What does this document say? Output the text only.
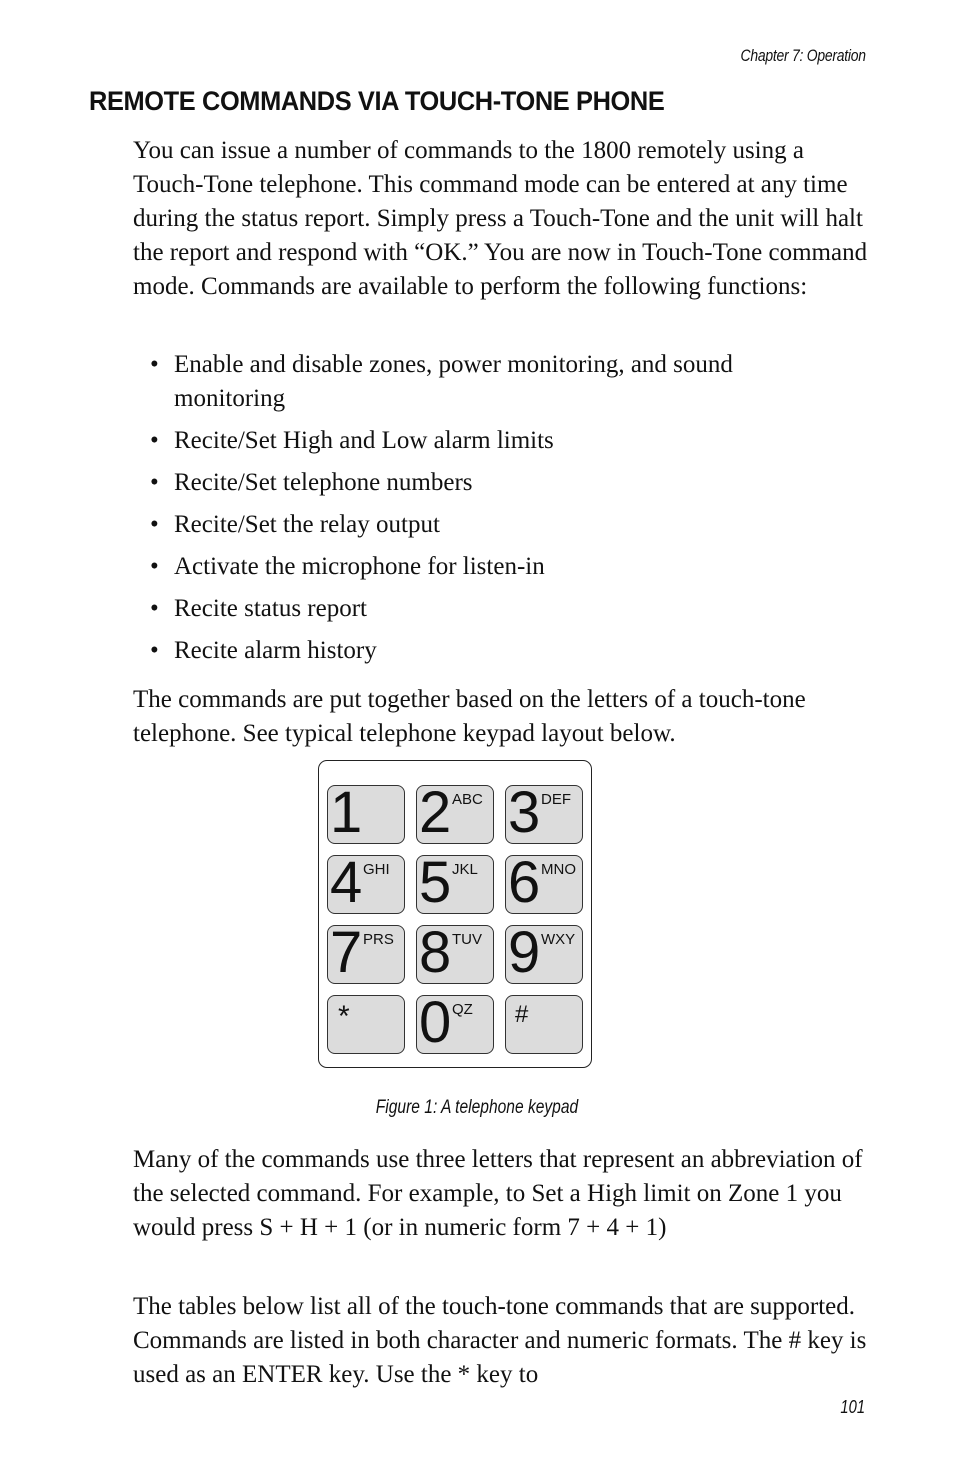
Chapter 7: Operation
REMOTE COMMANDS VIA TOUCH-TONE PHONE

You can issue a number of commands to the 1800 remotely using a Touch-Tone telephone. This command mode can be entered at any time during the status report. Simply press a Touch-Tone and the unit will halt the report and respond with “OK.” You are now in Touch-Tone command mode. Commands are available to perform the following functions:

• Enable and disable zones, power monitoring, and sound monitoring
• Recite/Set High and Low alarm limits
• Recite/Set telephone numbers
• Recite/Set the relay output
• Activate the microphone for listen-in
• Recite status report
• Recite alarm history

The commands are put together based on the letters of a touch-tone telephone. See typical telephone keypad layout below.

1 2 ABC 3 DEF
4 GHI 5 JKL 6 MNO
7 PRS 8 TUV 9 WXY
* 0 QZ #
Figure 1: A telephone keypad

Many of the commands use three letters that represent an abbreviation of the selected command. For example, to Set a High limit on Zone 1 you would press S + H + 1 (or in numeric form 7 + 4 + 1)

The tables below list all of the touch-tone commands that are supported. Commands are listed in both character and numeric formats. The # key is used as an ENTER key. Use the * key to

101
